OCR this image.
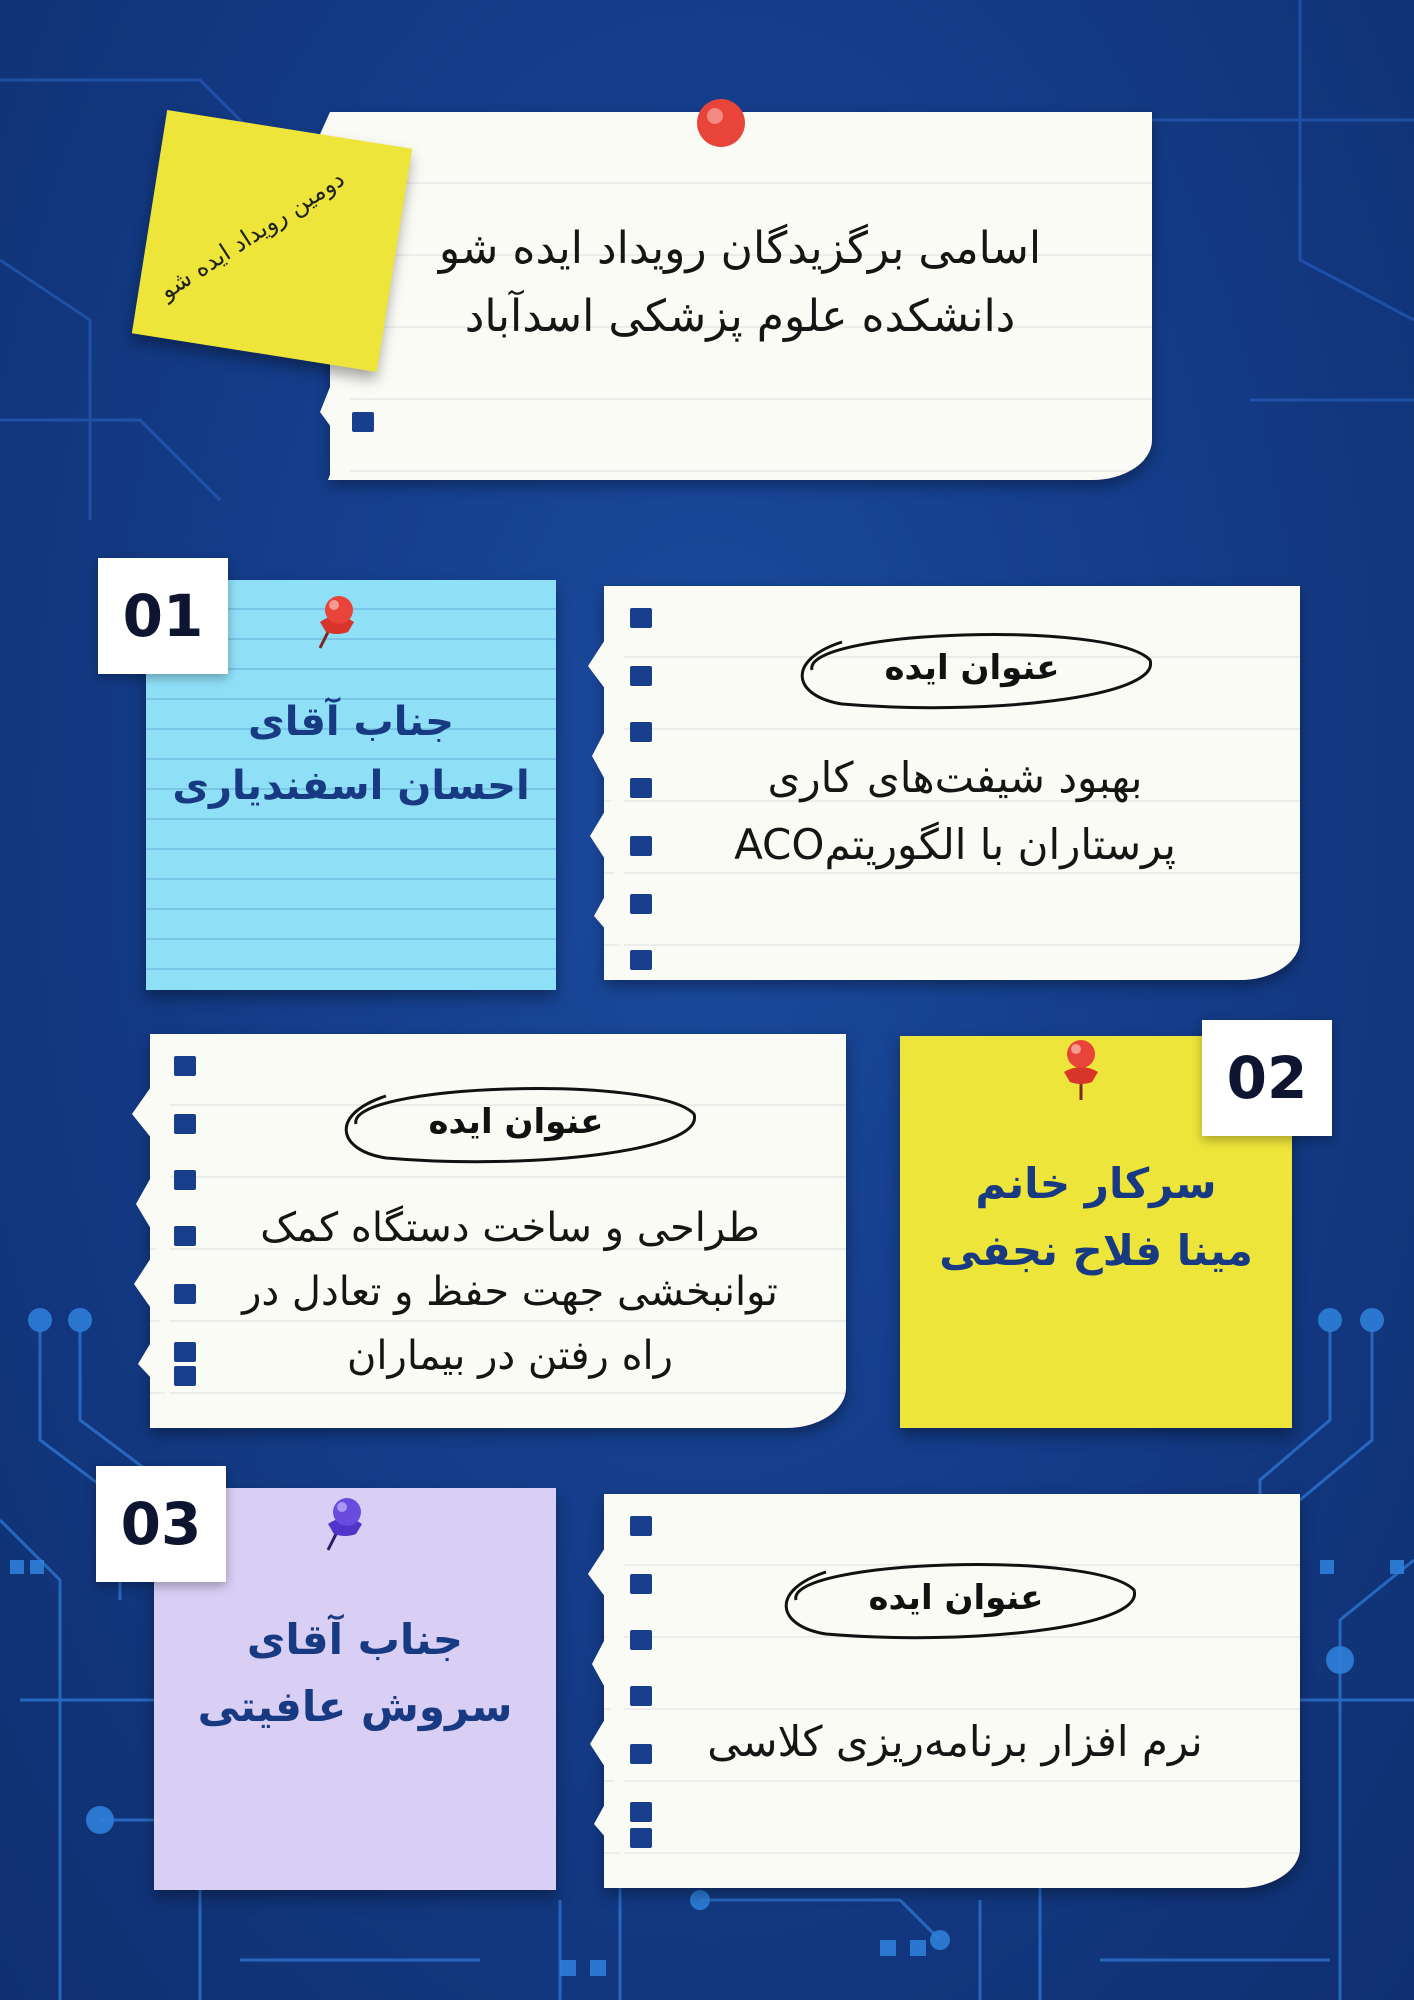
اسامی برگزیدگان رویداد ایده شو
دانشکده علوم پزشکی اسدآباد
دومین رویداد ایده شو
01
جناب آقای
احسان اسفندیاری
عنوان ایده
بهبود شیفت‌های کاری
پرستاران با الگوریتمACO
عنوان ایده
طراحی و ساخت دستگاه کمک
توانبخشی جهت حفظ و تعادل در
راه رفتن در بیماران
02
سرکار خانم
مینا فلاح نجفی
03
جناب آقای
سروش عافیتی
عنوان ایده
نرم افزار برنامه‌ریزی کلاسی
